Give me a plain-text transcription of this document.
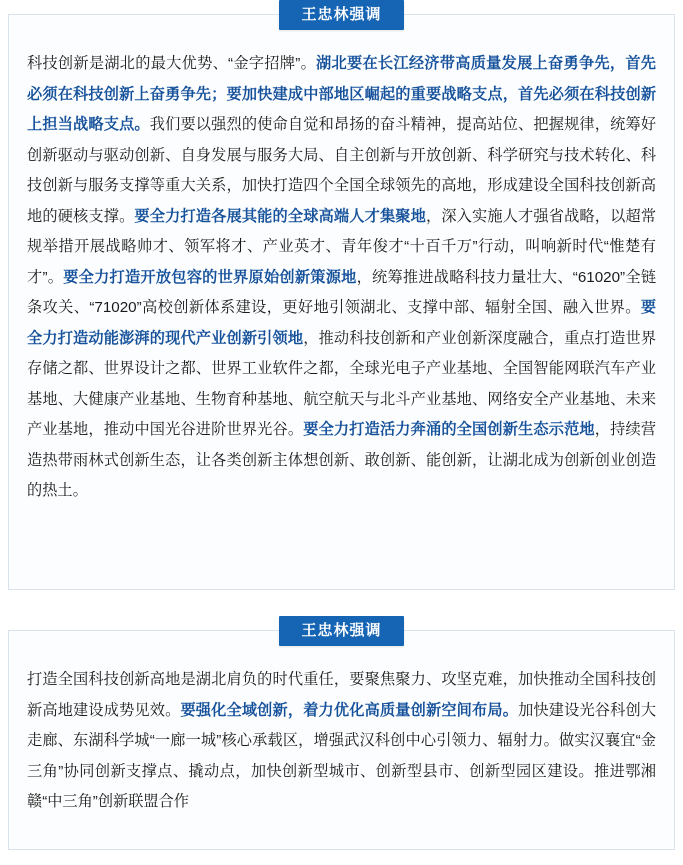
王忠林强调

科技创新是湖北的最大优势、“金字招牌”。湖北要在长江经济带高质量发展上奋勇争先，首先必须在科技创新上奋勇争先；要加快建成中部地区崛起的重要战略支点，首先必须在科技创新上担当战略支点。我们要以强烈的使命自觉和昂扬的奋斗精神，提高站位、把握规律，统筹好创新驱动与驱动创新、自身发展与服务大局、自主创新与开放创新、科学研究与技术转化、科技创新与服务支撑等重大关系，加快打造四个全国全球领先的高地，形成建设全国科技创新高地的硬核支撑。要全力打造各展其能的全球高端人才集聚地，深入实施人才强省战略，以超常规举措开展战略帅才、领军将才、产业英才、青年俊才“十百千万”行动，叫响新时代“惟楚有才”。要全力打造开放包容的世界原始创新策源地，统筹推进战略科技力量壮大、“61020”全链条攻关、“71020”高校创新体系建设，更好地引领湖北、支撑中部、辐射全国、融入世界。要全力打造动能澎湃的现代产业创新引领地，推动科技创新和产业创新深度融合，重点打造世界存储之都、世界设计之都、世界工业软件之都，全球光电子产业基地、全国智能网联汽车产业基地、大健康产业基地、生物育种基地、航空航天与北斗产业基地、网络安全产业基地、未来产业基地，推动中国光谷进阶世界光谷。要全力打造活力奔涌的全国创新生态示范地，持续营造热带雨林式创新生态，让各类创新主体想创新、敢创新、能创新，让湖北成为创新创业创造的热土。

王忠林强调

打造全国科技创新高地是湖北肩负的时代重任，要聚焦聚力、攻坚克难，加快推动全国科技创新高地建设成势见效。要强化全域创新，着力优化高质量创新空间布局。加快建设光谷科创大走廊、东湖科学城“一廊一城”核心承载区，增强武汉科创中心引领力、辐射力。做实汉襄宜“金三角”协同创新支撑点、撬动点，加快创新型城市、创新型县市、创新型园区建设。推进鄂湘赣“中三角”创新联盟合作
